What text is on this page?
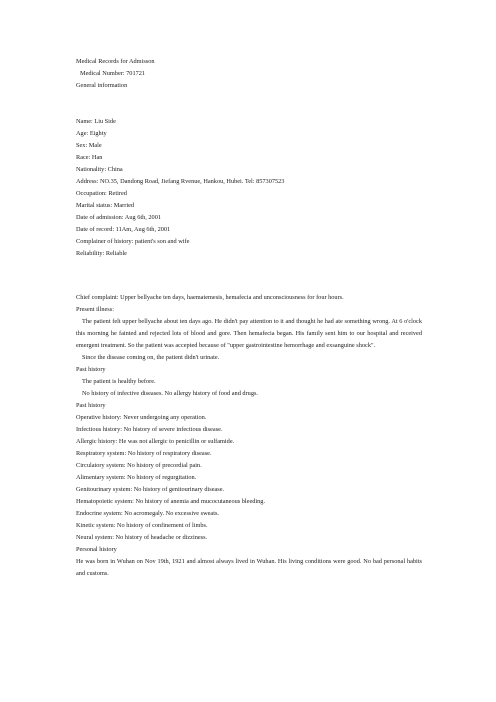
Medical Records for Admisson
Medical Number: 701721
General information
Name: Liu Side
Age: Eighty
Sex: Male
Race: Han
Nationality: China
Address: NO.35, Dandong Road, Jiefang Rvenue, Hankou, Hubei. Tel: 857307523
Occupation: Retired
Marital status: Married
Date of admission: Aug 6th, 2001
Date of record: 11Am, Aug 6th, 2001
Complainer of history: patient's son and wife
Reliability: Reliable
Chief complaint: Upper bellyache ten days, haematemesis, hemafecia and unconsciousness for four hours.
Present illness:

The patient felt upper bellyache about ten days ago. He didn't pay attention to it and thought he had ate something wrong. At 6 o'clock this morning he fainted and rejected lots of blood and gore. Then hemafecia began. His family sent him to our hospital and received emergent treatment. So the patient was accepted because of "upper gastrointestine hemorrhage and exsanguine shock".

Since the disease coming on, the patient didn't urinate.
Past history
The patient is healthy before.
No history of infective diseases. No allergy history of food and drugs.
Past history
Operative history: Never undergoing any operation.
Infectious history: No history of severe infectious disease.
Allergic history: He was not allergic to penicillin or sulfamide.
Respiratory system: No history of respiratory disease.
Circulatory system: No history of precordial pain.
Alimentary system: No history of regurgitation.
Genitourinary system: No history of genitourinary disease.
Hematopoietic system: No history of anemia and mucocutaneous bleeding.
Endocrine system: No acromegaly. No excessive sweats.
Kinetic system: No history of confinement of limbs.
Neural system: No history of headache or dizziness.
Personal history

He was born in Wuhan on Nov 19th, 1921 and almost always lived in Wuhan. His living conditions were good. No bad personal habits and customs.
